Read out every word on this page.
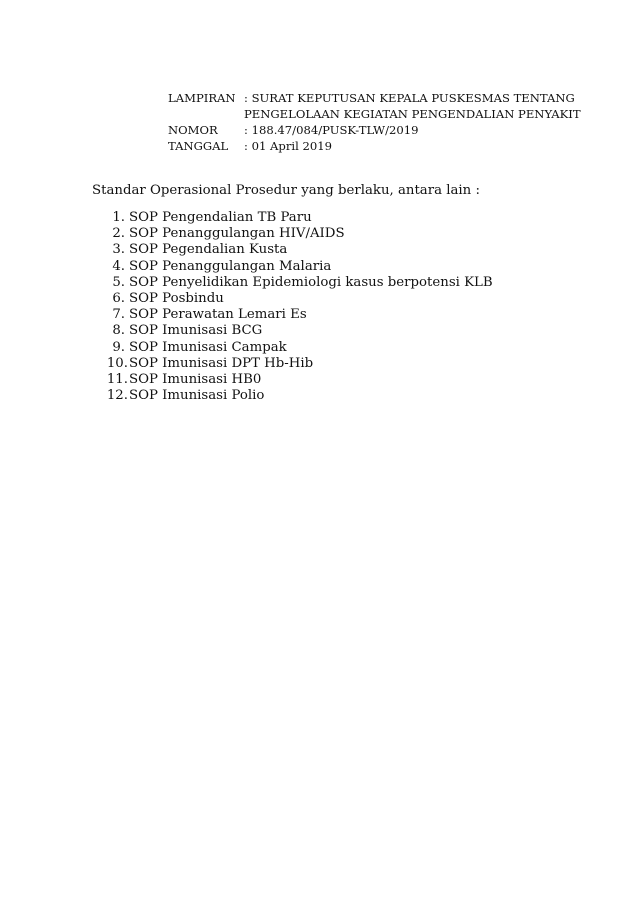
LAMPIRAN	: SURAT KEPUTUSAN KEPALA PUSKESMAS TENTANG
PENGELOLAAN KEGIATAN PENGENDALIAN PENYAKIT

NOMOR	: 188.47/084/PUSK-TLW/2019
TANGGAL	: 01 April 2019
Standar Operasional Prosedur yang berlaku, antara lain :
1. SOP Pengendalian TB Paru
2. SOP Penanggulangan HIV/AIDS
3. SOP Pegendalian Kusta
4. SOP Penanggulangan Malaria
5. SOP Penyelidikan Epidemiologi kasus berpotensi KLB
6. SOP Posbindu
7. SOP Perawatan Lemari Es
8. SOP Imunisasi BCG
9. SOP Imunisasi Campak
10. SOP Imunisasi DPT Hb-Hib
11. SOP Imunisasi HB0
12. SOP Imunisasi Polio
